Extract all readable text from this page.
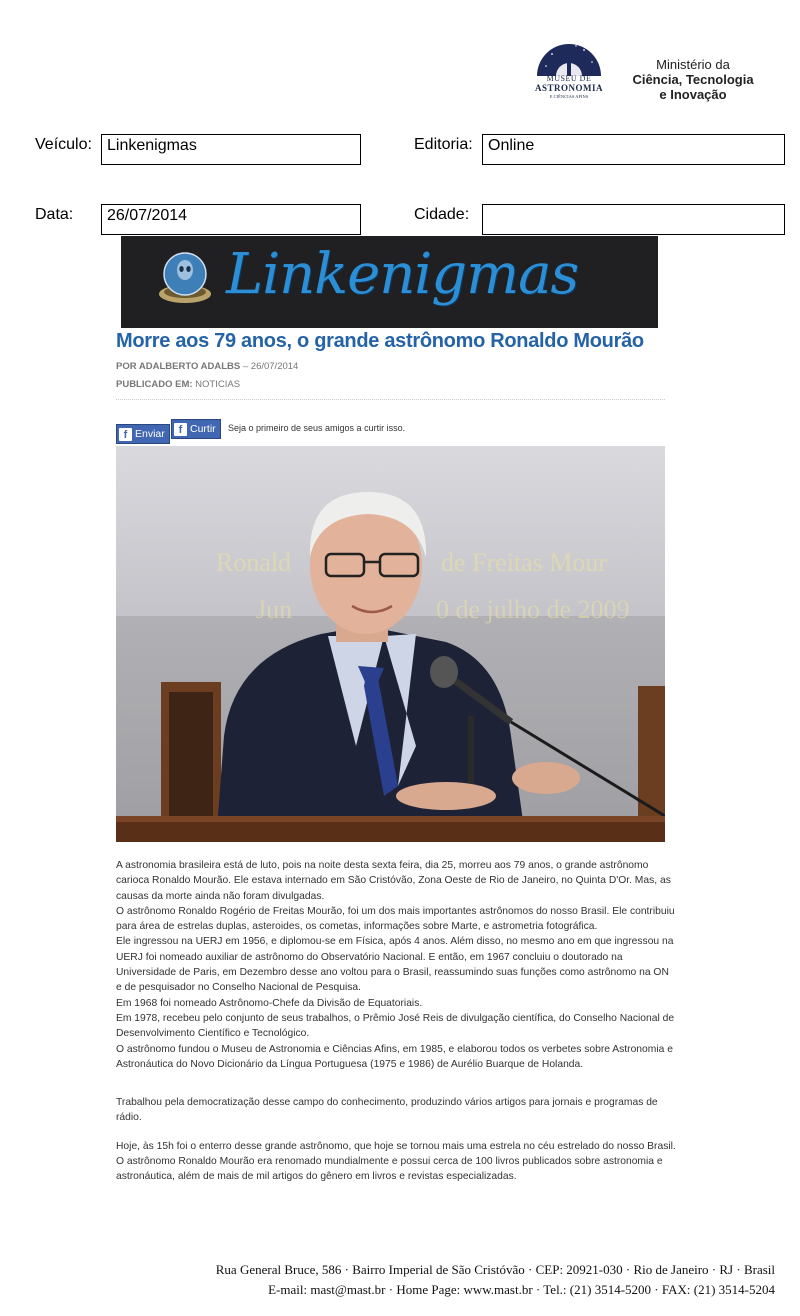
MUSEU DE
ASTRONOMIA
E CIÊNCIAS AFINS
Ministério da
Ciência, Tecnologia
e Inovação
Veículo: Linkenigmas	Editoria: Online
Data:	26/07/2014	Cidade:
Linkenigmas
Morre aos 79 anos, o grande astrônomo Ronaldo Mourão
POR ADALBERTO ADALBS – 26/07/2014
PUBLICADO EM: NOTICIAS
f Enviar	f Curtir Seja o primeiro de seus amigos a curtir isso.
Ronald	de Freitas Mour
Jun	0 de julho de 2009

A astronomia brasileira está de luto, pois na noite desta sexta feira, dia 25, morreu aos 79 anos, o grande astrônomo carioca Ronaldo Mourão. Ele estava internado em São Cristóvão, Zona Oeste de Rio de Janeiro, no Quinta D'Or. Mas, as causas da morte ainda não foram divulgadas.

O astrônomo Ronaldo Rogério de Freitas Mourão, foi um dos mais importantes astrônomos do nosso Brasil. Ele contribuiu para área de estrelas duplas, asteroides, os cometas, informações sobre Marte, e astrometria fotográfica.

Ele ingressou na UERJ em 1956, e diplomou-se em Física, após 4 anos. Além disso, no mesmo ano em que ingressou na UERJ foi nomeado auxiliar de astrônomo do Observatório Nacional. E então, em 1967 concluiu o doutorado na Universidade de Paris, em Dezembro desse ano voltou para o Brasil, reassumindo suas funções como astrônomo na ON e de pesquisador no Conselho Nacional de Pesquisa.

Em 1968 foi nomeado Astrônomo-Chefe da Divisão de Equatoriais.

Em 1978, recebeu pelo conjunto de seus trabalhos, o Prêmio José Reis de divulgação científica, do Conselho Nacional de Desenvolvimento Científico e Tecnológico.

O astrônomo fundou o Museu de Astronomia e Ciências Afins, em 1985, e elaborou todos os verbetes sobre Astronomia e Astronáutica do Novo Dicionário da Língua Portuguesa (1975 e 1986) de Aurélio Buarque de Holanda.

Trabalhou pela democratização desse campo do conhecimento, produzindo vários artigos para jornais e programas de rádio.

Hoje, às 15h foi o enterro desse grande astrônomo, que hoje se tornou mais uma estrela no céu estrelado do nosso Brasil.

O astrônomo Ronaldo Mourão era renomado mundialmente e possui cerca de 100 livros publicados sobre astronomia e astronáutica, além de mais de mil artigos do gênero em livros e revistas especializadas.

Rua General Bruce, 586 · Bairro Imperial de São Cristóvão · CEP: 20921-030 · Rio de Janeiro · RJ · Brasil
E-mail: mast@mast.br · Home Page: www.mast.br · Tel.: (21) 3514-5200 · FAX: (21) 3514-5204
